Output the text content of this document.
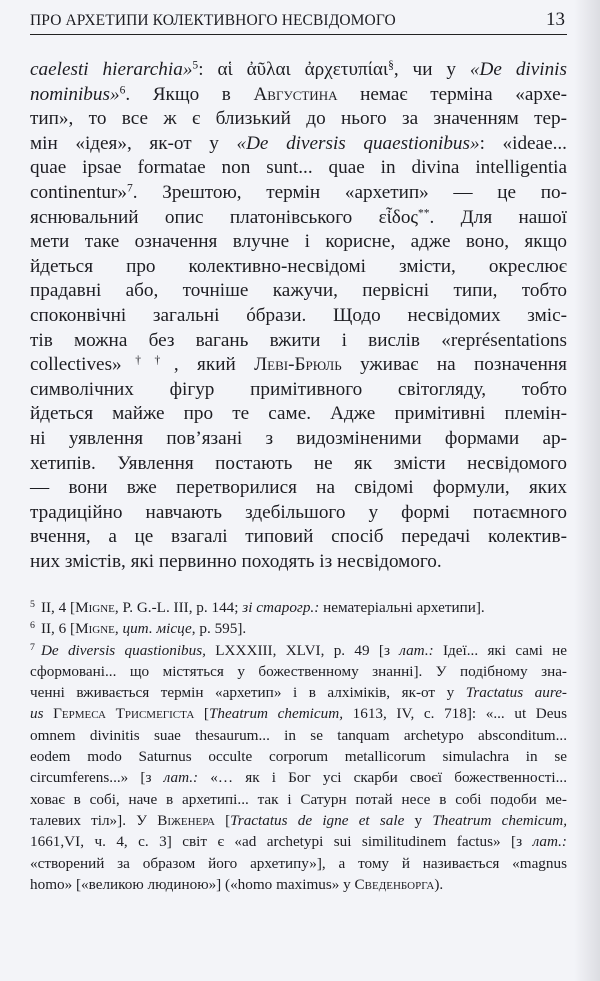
ПРО АРХЕТИПИ КОЛЕКТИВНОГО НЕСВІДОМОГО	13
caelesti hierarchia»$^5$: αἱ ἀῦλαι ἀρχετυπίαι§, чи у «De divinis
nominibus»$^6$. Якщо в Августина немає терміна «архе-
тип», то все ж є близький до нього за значенням тер-
мін «ідея», як-от у «De diversis quaestionibus»: «ideae...
quae ipsae formatae non sunt... quae in divina intelligentia
continentur»$^7$. Зрештою, термін «архетип» — це по-
яснювальний опис платонівського εἶδος**. Для нашої
мети таке означення влучне і корисне, адже воно, якщо
йдеться про колективно-несвідомі змісти, окреслює
прадавні або, точніше кажучи, первісні типи, тобто
споконвічні загальні óбрази. Щодо несвідомих зміс-
тів можна без вагань вжити і вислів «représentations
collectives»††, який Леві-Брюль уживає на позначення
символічних фігур примітивного світогляду, тобто
йдеться майже про те саме. Адже примітивні племін-
ні уявлення пов’язані з видозміненими формами ар-
хетипів. Уявлення постають не як змісти несвідомого
— вони вже перетворилися на свідомі формули, яких
традиційно навчають здебільшого у формі потаємного
вчення, а це взагалі типовий спосіб передачі колектив-
них змістів, які первинно походять із несвідомого.
$^5$ II, 4 [Migne, P. G.-L. III, p. 144; зі старогр.: нематеріальні архетипи].
$^6$ II, 6 [Migne, цит. місце, p. 595].
$^7$ De diversis quastionibus, LXXXIII, XLVI, p. 49 [з лат.: Ідеї... які самі не
сформовані... що містяться у божественному знанні]. У подібному зна-
ченні вживається термін «архетип» і в алхіміків, як-от у Tractatus aure-
us Гермеса Трисмегіста [Theatrum chemicum, 1613, IV, c. 718]: «... ut Deus
omnem divinitis suae thesaurum... in se tanquam archetypo absconditum...
eodem modo Saturnus occulte corporum metallicorum simulachra in se
circumferens...» [з лат.: «… як і Бог усі скарби своєї божественності...
ховає в собі, наче в архетипі... так і Сатурн потай несе в собі подоби ме-
талевих тіл»]. У Віженера [Tractatus de igne et sale у Theatrum chemicum,
1661,VI, ч. 4, с. 3] світ є «ad archetypi sui similitudinem factus» [з лат.:
«створений за образом його архетипу»], а тому й називається «magnus
homo» [«великою людиною»] («homo maximus» у Сведенборга).
